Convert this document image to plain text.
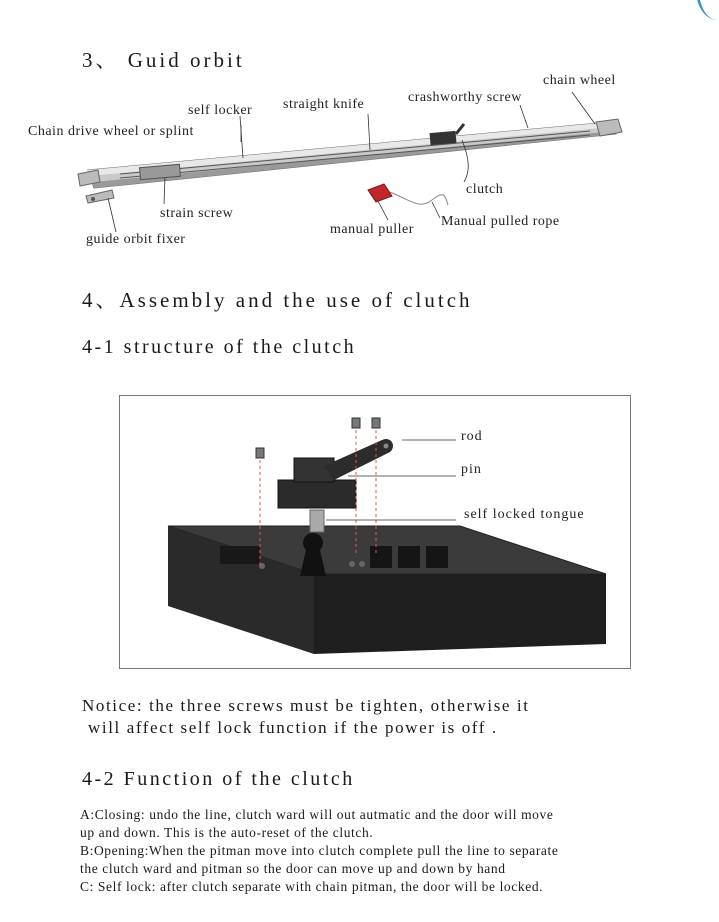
3、 Guid orbit
chain wheel
crashworthy screw
straight knife
self locker
Chain drive wheel or splint
clutch
strain screw
Manual pulled rope
manual puller
guide orbit fixer
4、Assembly and the use of clutch
4-1 structure of the clutch
rod
pin
self locked tongue
Notice: the three screws must be tighten, otherwise it
will affect self lock function if the power is off .
4-2 Function of the clutch
A:Closing: undo the line, clutch ward will out autmatic and the door will move
up and down. This is the auto-reset of the clutch.
B:Opening:When the pitman move into clutch complete pull the line to separate
the clutch ward and pitman so the door can move up and down by hand
C: Self lock: after clutch separate with chain pitman, the door will be locked.
